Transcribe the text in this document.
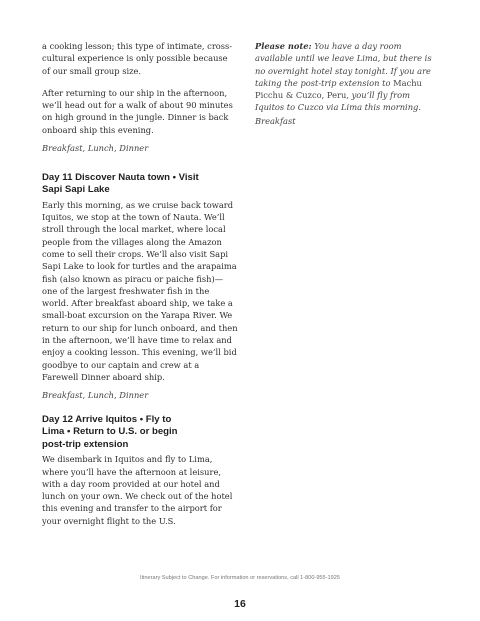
a cooking lesson; this type of intimate, cross-cultural experience is only possible because of our small group size.

After returning to our ship in the afternoon, we’ll head out for a walk of about 90 minutes on high ground in the jungle. Dinner is back onboard ship this evening.

Breakfast, Lunch, Dinner

Please note: You have a day room available until we leave Lima, but there is no overnight hotel stay tonight. If you are taking the post-trip extension to Machu Picchu & Cuzco, Peru, you’ll fly from Iquitos to Cuzco via Lima this morning.

Breakfast

Day 11 Discover Nauta town • Visit
Sapi Sapi Lake

Early this morning, as we cruise back toward Iquitos, we stop at the town of Nauta. We’ll stroll through the local market, where local people from the villages along the Amazon come to sell their crops. We’ll also visit Sapi Sapi Lake to look for turtles and the arapaima fish (also known as piracu or paiche fish)—one of the largest freshwater fish in the world. After breakfast aboard ship, we take a small-boat excursion on the Yarapa River. We return to our ship for lunch onboard, and then in the afternoon, we’ll have time to relax and enjoy a cooking lesson. This evening, we’ll bid goodbye to our captain and crew at a Farewell Dinner aboard ship.

Breakfast, Lunch, Dinner

Day 12 Arrive Iquitos • Fly to
Lima • Return to U.S. or begin
post-trip extension

We disembark in Iquitos and fly to Lima, where you’ll have the afternoon at leisure, with a day room provided at our hotel and lunch on your own. We check out of the hotel this evening and transfer to the airport for your overnight flight to the U.S.

Itinerary Subject to Change. For information or reservations, call 1-800-955-1925
16
